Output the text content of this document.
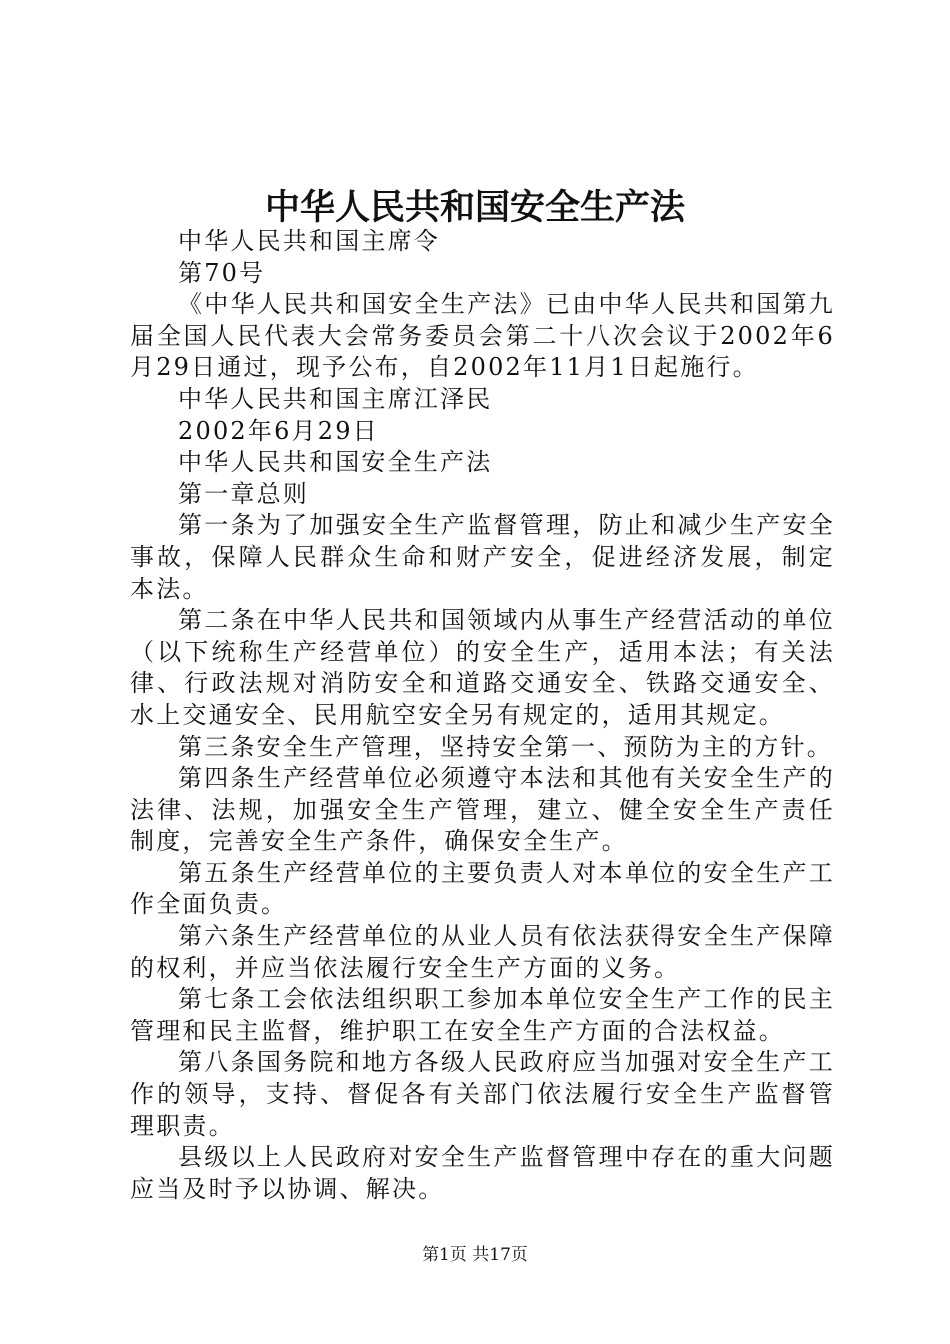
中华人民共和国安全生产法

中华人民共和国主席令

第70号

《中华人民共和国安全生产法》已由中华人民共和国第九届全国人民代表大会常务委员会第二十八次会议于2002年6月29日通过，现予公布，自2002年11月1日起施行。

中华人民共和国主席江泽民

2002年6月29日

中华人民共和国安全生产法

第一章总则

第一条为了加强安全生产监督管理，防止和减少生产安全事故，保障人民群众生命和财产安全，促进经济发展，制定本法。

第二条在中华人民共和国领域内从事生产经营活动的单位（以下统称生产经营单位）的安全生产，适用本法；有关法律、行政法规对消防安全和道路交通安全、铁路交通安全、水上交通安全、民用航空安全另有规定的，适用其规定。

第三条安全生产管理，坚持安全第一、预防为主的方针。

第四条生产经营单位必须遵守本法和其他有关安全生产的法律、法规，加强安全生产管理，建立、健全安全生产责任制度，完善安全生产条件，确保安全生产。

第五条生产经营单位的主要负责人对本单位的安全生产工作全面负责。

第六条生产经营单位的从业人员有依法获得安全生产保障的权利，并应当依法履行安全生产方面的义务。

第七条工会依法组织职工参加本单位安全生产工作的民主管理和民主监督，维护职工在安全生产方面的合法权益。

第八条国务院和地方各级人民政府应当加强对安全生产工作的领导，支持、督促各有关部门依法履行安全生产监督管理职责。

县级以上人民政府对安全生产监督管理中存在的重大问题应当及时予以协调、解决。

第1页 共17页
